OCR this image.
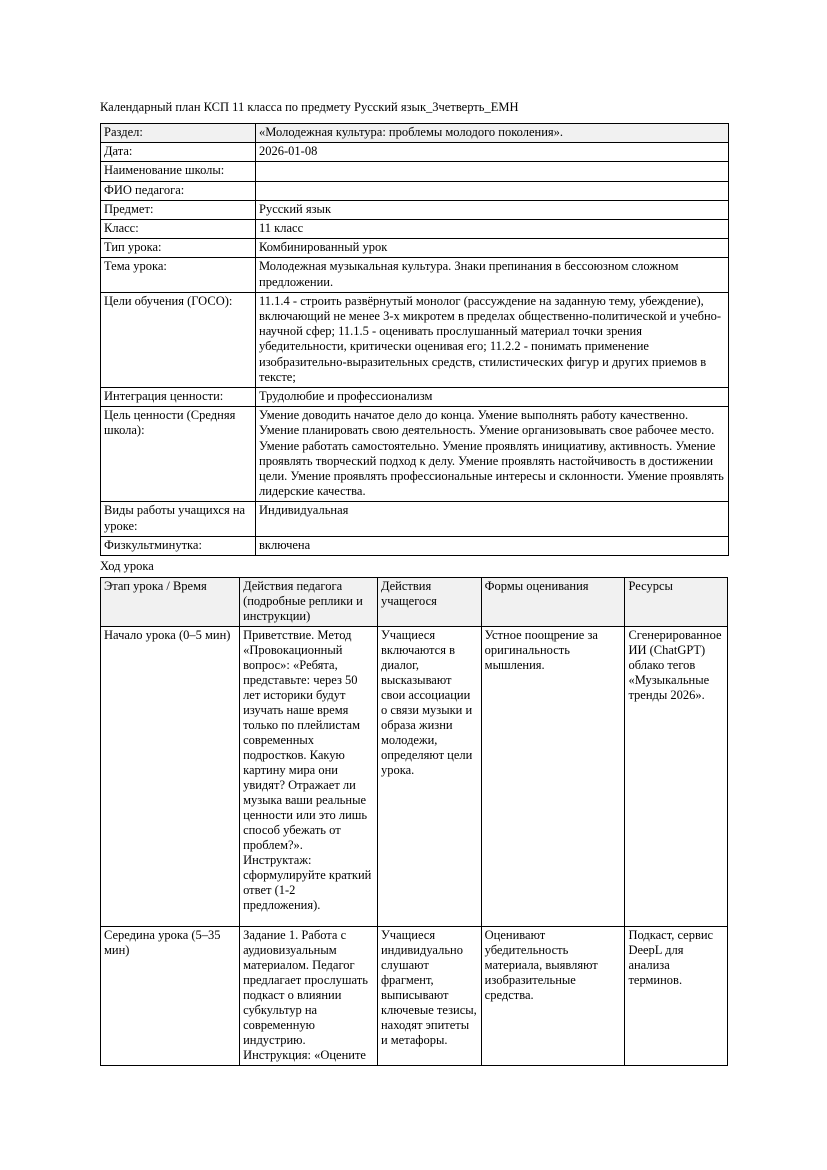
Календарный план КСП 11 класса по предмету Русский язык_3четверть_ЕМН
Раздел:	«Молодежная культура: проблемы молодого поколения».
Дата:	2026-01-08
Наименование школы:	
ФИО педагога:	
Предмет:	Русский язык
Класс:	11 класс
Тип урока:	Комбинированный урок
Тема урока:	Молодежная музыкальная культура. Знаки препинания в бессоюзном сложном предложении.
Цели обучения (ГОСО):	11.1.4 - строить развёрнутый монолог (рассуждение на заданную тему, убеждение), включающий не менее 3-х микротем в пределах общественно-политической и учебно-научной сфер; 11.1.5 - оценивать прослушанный материал точки зрения убедительности, критически оценивая его; 11.2.2 - понимать применение изобразительно-выразительных средств, стилистических фигур и других приемов в тексте;
Интеграция ценности:	Трудолюбие и профессионализм
Цель ценности (Средняя школа):	Умение доводить начатое дело до конца. Умение выполнять работу качественно. Умение планировать свою деятельность. Умение организовывать свое рабочее место. Умение работать самостоятельно. Умение проявлять инициативу, активность. Умение проявлять творческий подход к делу. Умение проявлять настойчивость в достижении цели. Умение проявлять профессиональные интересы и склонности. Умение проявлять лидерские качества.
Виды работы учащихся на уроке:	Индивидуальная
Физкультминутка:	включена
Ход урока
Этап урока / Время	Действия педагога (подробные реплики и инструкции)	Действия учащегося	Формы оценивания	Ресурсы
Начало урока (0–5 мин)	Приветствие. Метод «Провокационный вопрос»: «Ребята, представьте: через 50 лет историки будут изучать наше время только по плейлистам современных подростков. Какую картину мира они увидят? Отражает ли музыка ваши реальные ценности или это лишь способ убежать от проблем?». Инструктаж: сформулируйте краткий ответ (1-2 предложения).	Учащиеся включаются в диалог, высказывают свои ассоциации о связи музыки и образа жизни молодежи, определяют цели урока.	Устное поощрение за оригинальность мышления.	Сгенерированное ИИ (ChatGPT) облако тегов «Музыкальные тренды 2026».
Середина урока (5–35 мин)	Задание 1. Работа с аудиовизуальным материалом. Педагог предлагает прослушать подкаст о влиянии субкультур на современную индустрию. Инструкция: «Оцените	Учащиеся индивидуально слушают фрагмент, выписывают ключевые тезисы, находят эпитеты и метафоры.	Оценивают убедительность материала, выявляют изобразительные средства.	Подкаст, сервис DeepL для анализа терминов.
